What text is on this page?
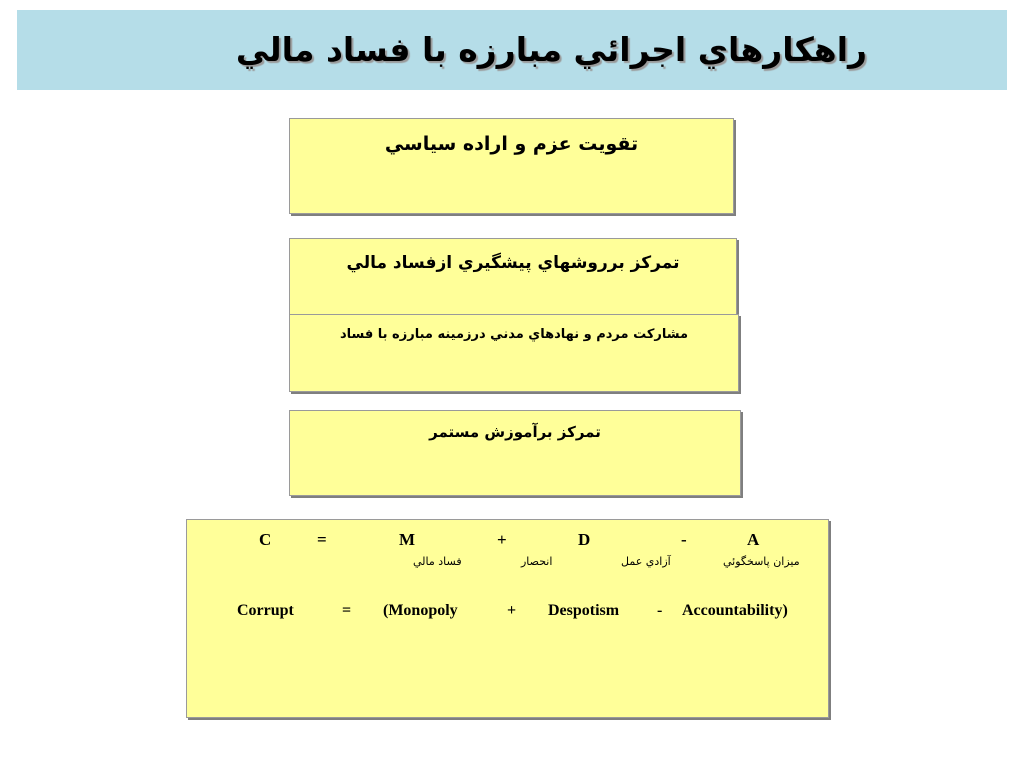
راهكارهاي اجرائي مبارزه با فساد مالي
تقويت عزم و اراده سياسي
تمركز برروشهاي پيشگيري ازفساد مالي
مشاركت مردم و نهادهاي مدني درزمينه مبارزه با فساد
تمركز برآموزش مستمر
C	=	M	+	D	-	A
فساد مالي	انحصار	آزادي عمل	ميزان پاسخگوئي
Corrupt	= (Monopoly	+ Despotism - Accountability)
